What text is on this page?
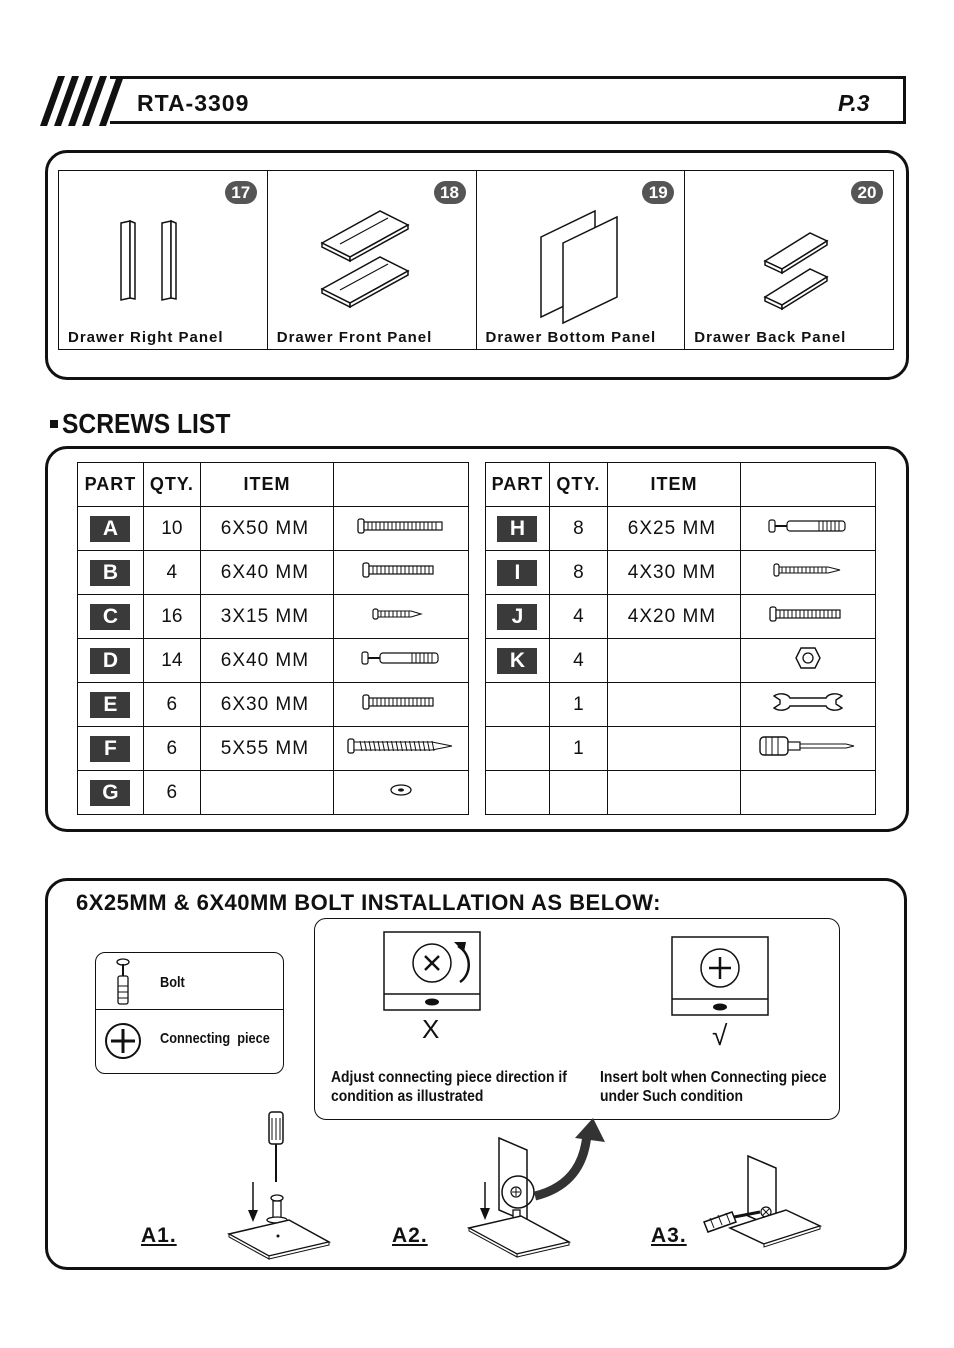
RTA-3309	P.3
17
Drawer Right Panel
18
Drawer Front Panel
19
Drawer Bottom Panel
20
Drawer Back Panel
SCREWS LIST
PART	QTY.	ITEM	
A	10	6X50 MM	
B	4	6X40 MM	
C	16	3X15 MM	
D	14	6X40 MM	
E	6	6X30 MM	
F	6	5X55 MM	
G	6		
PART	QTY.	ITEM	
H	8	6X25 MM	
I	8	4X30 MM	
J	4	4X20 MM	
K	4		
	1		
	1		

6X25MM & 6X40MM BOLT INSTALLATION AS BELOW:
Bolt
Connecting  piece	X	√
Adjust connecting piece direction if
condition as illustrated
Insert bolt when Connecting piece
under Such condition
A1.	A2.	A3.
